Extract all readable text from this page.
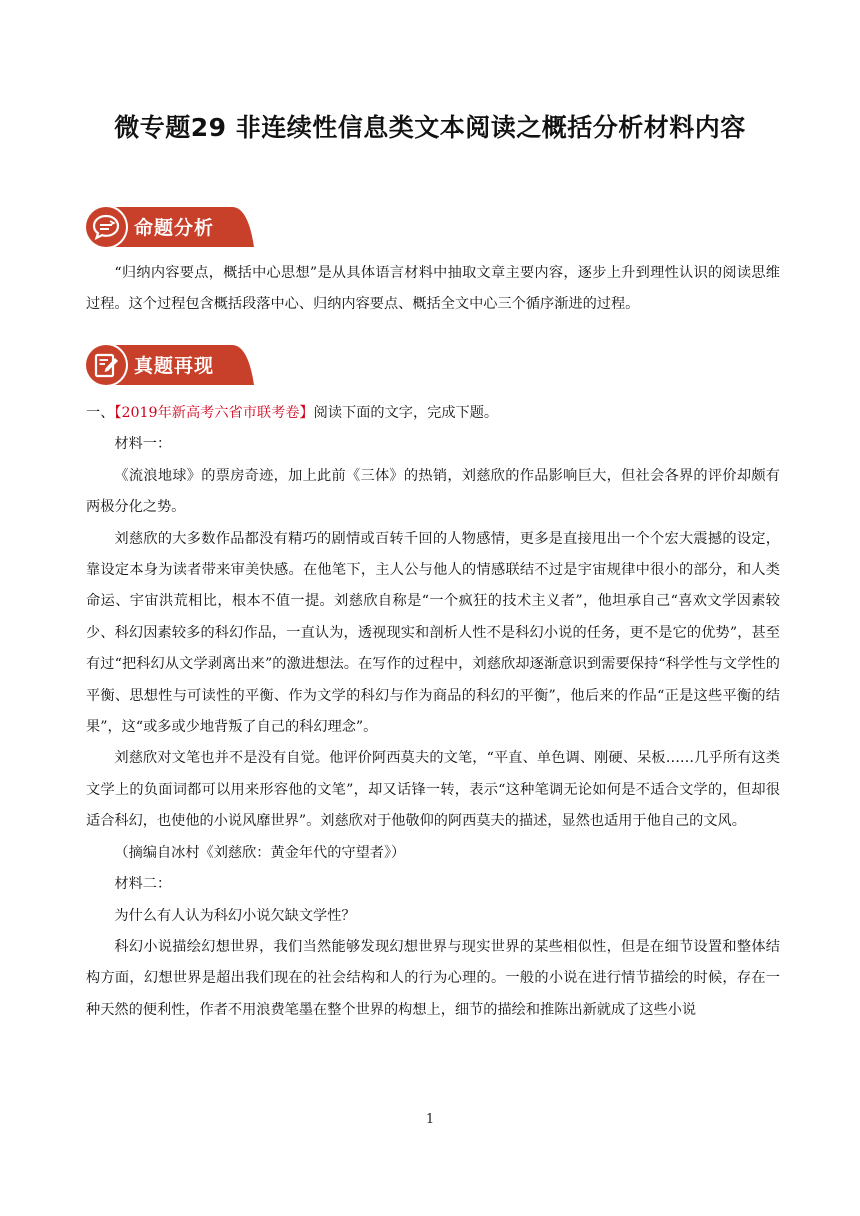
微专题29 非连续性信息类文本阅读之概括分析材料内容
命题分析

“归纳内容要点，概括中心思想”是从具体语言材料中抽取文章主要内容，逐步上升到理性认识的阅读思维过程。这个过程包含概括段落中心、归纳内容要点、概括全文中心三个循序渐进的过程。

真题再现

一、【2019年新高考六省市联考卷】阅读下面的文字，完成下题。

材料一：

《流浪地球》的票房奇迹，加上此前《三体》的热销，刘慈欣的作品影响巨大，但社会各界的评价却颇有两极分化之势。

刘慈欣的大多数作品都没有精巧的剧情或百转千回的人物感情，更多是直接甩出一个个宏大震撼的设定，靠设定本身为读者带来审美快感。在他笔下，主人公与他人的情感联结不过是宇宙规律中很小的部分，和人类命运、宇宙洪荒相比，根本不值一提。刘慈欣自称是“一个疯狂的技术主义者”，他坦承自己“喜欢文学因素较少、科幻因素较多的科幻作品，一直认为，透视现实和剖析人性不是科幻小说的任务，更不是它的优势”，甚至有过“把科幻从文学剥离出来”的激进想法。在写作的过程中，刘慈欣却逐渐意识到需要保持“科学性与文学性的平衡、思想性与可读性的平衡、作为文学的科幻与作为商品的科幻的平衡”，他后来的作品“正是这些平衡的结果”，这“或多或少地背叛了自己的科幻理念”。

刘慈欣对文笔也并不是没有自觉。他评价阿西莫夫的文笔，“平直、单色调、刚硬、呆板……几乎所有这类文学上的负面词都可以用来形容他的文笔”，却又话锋一转，表示“这种笔调无论如何是不适合文学的，但却很适合科幻，也使他的小说风靡世界”。刘慈欣对于他敬仰的阿西莫夫的描述，显然也适用于他自己的文风。

（摘编自冰村《刘慈欣：黄金年代的守望者》）

材料二：

为什么有人认为科幻小说欠缺文学性？

科幻小说描绘幻想世界，我们当然能够发现幻想世界与现实世界的某些相似性，但是在细节设置和整体结构方面，幻想世界是超出我们现在的社会结构和人的行为心理的。一般的小说在进行情节描绘的时候，存在一种天然的便利性，作者不用浪费笔墨在整个世界的构想上，细节的描绘和推陈出新就成了这些小说

1
